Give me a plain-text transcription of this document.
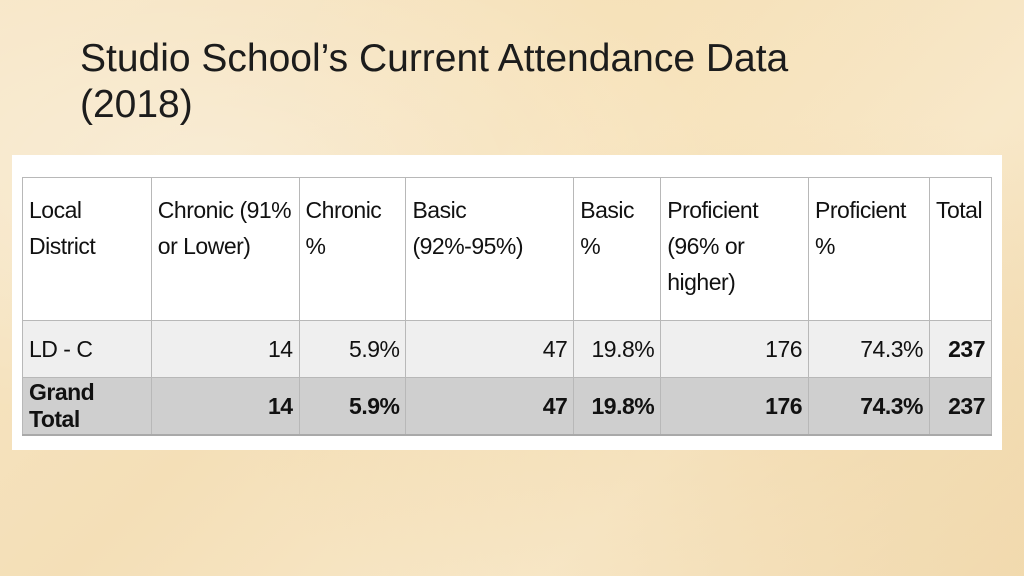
Studio School’s Current Attendance Data
(2018)
Local District	Chronic (91% or Lower)	Chronic %	Basic (92%-95%)	Basic %	Proficient (96% or higher)	Proficient %	Total
LD - C	14	5.9%	47	19.8%	176	74.3%	237
Grand Total	14	5.9%	47	19.8%	176	74.3%	237
